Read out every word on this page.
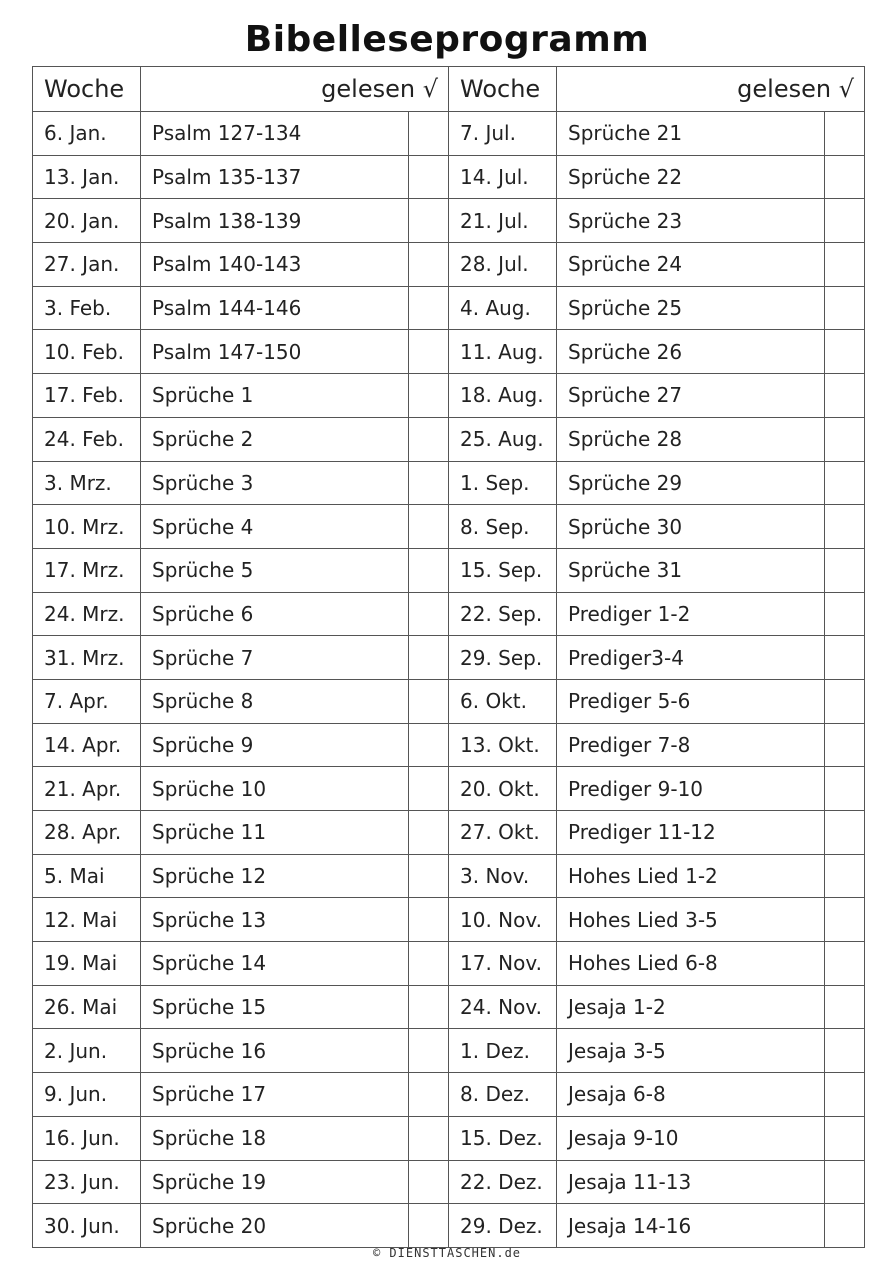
Bibelleseprogramm
Woche	gelesen √		Woche	gelesen √	
6. Jan.	Psalm 127-134		7. Jul.	Sprüche 21	
13. Jan.	Psalm 135-137		14. Jul.	Sprüche 22	
20. Jan.	Psalm 138-139		21. Jul.	Sprüche 23	
27. Jan.	Psalm 140-143		28. Jul.	Sprüche 24	
3. Feb.	Psalm 144-146		4. Aug.	Sprüche 25	
10. Feb.	Psalm 147-150		11. Aug.	Sprüche 26	
17. Feb.	Sprüche 1		18. Aug.	Sprüche 27	
24. Feb.	Sprüche 2		25. Aug.	Sprüche 28	
3. Mrz.	Sprüche 3		1. Sep.	Sprüche 29	
10. Mrz.	Sprüche 4		8. Sep.	Sprüche 30	
17. Mrz.	Sprüche 5		15. Sep.	Sprüche 31	
24. Mrz.	Sprüche 6		22. Sep.	Prediger 1-2	
31. Mrz.	Sprüche 7		29. Sep.	Prediger3-4	
7. Apr.	Sprüche 8		6. Okt.	Prediger 5-6	
14. Apr.	Sprüche 9		13. Okt.	Prediger 7-8	
21. Apr.	Sprüche 10		20. Okt.	Prediger 9-10	
28. Apr.	Sprüche 11		27. Okt.	Prediger 11-12	
5. Mai	Sprüche 12		3. Nov.	Hohes Lied 1-2	
12. Mai	Sprüche 13		10. Nov.	Hohes Lied 3-5	
19. Mai	Sprüche 14		17. Nov.	Hohes Lied 6-8	
26. Mai	Sprüche 15		24. Nov.	Jesaja 1-2	
2. Jun.	Sprüche 16		1. Dez.	Jesaja 3-5	
9. Jun.	Sprüche 17		8. Dez.	Jesaja 6-8	
16. Jun.	Sprüche 18		15. Dez.	Jesaja 9-10	
23. Jun.	Sprüche 19		22. Dez.	Jesaja 11-13	
30. Jun.	Sprüche 20		29. Dez.	Jesaja 14-16	
© DIENSTTASCHEN.de
